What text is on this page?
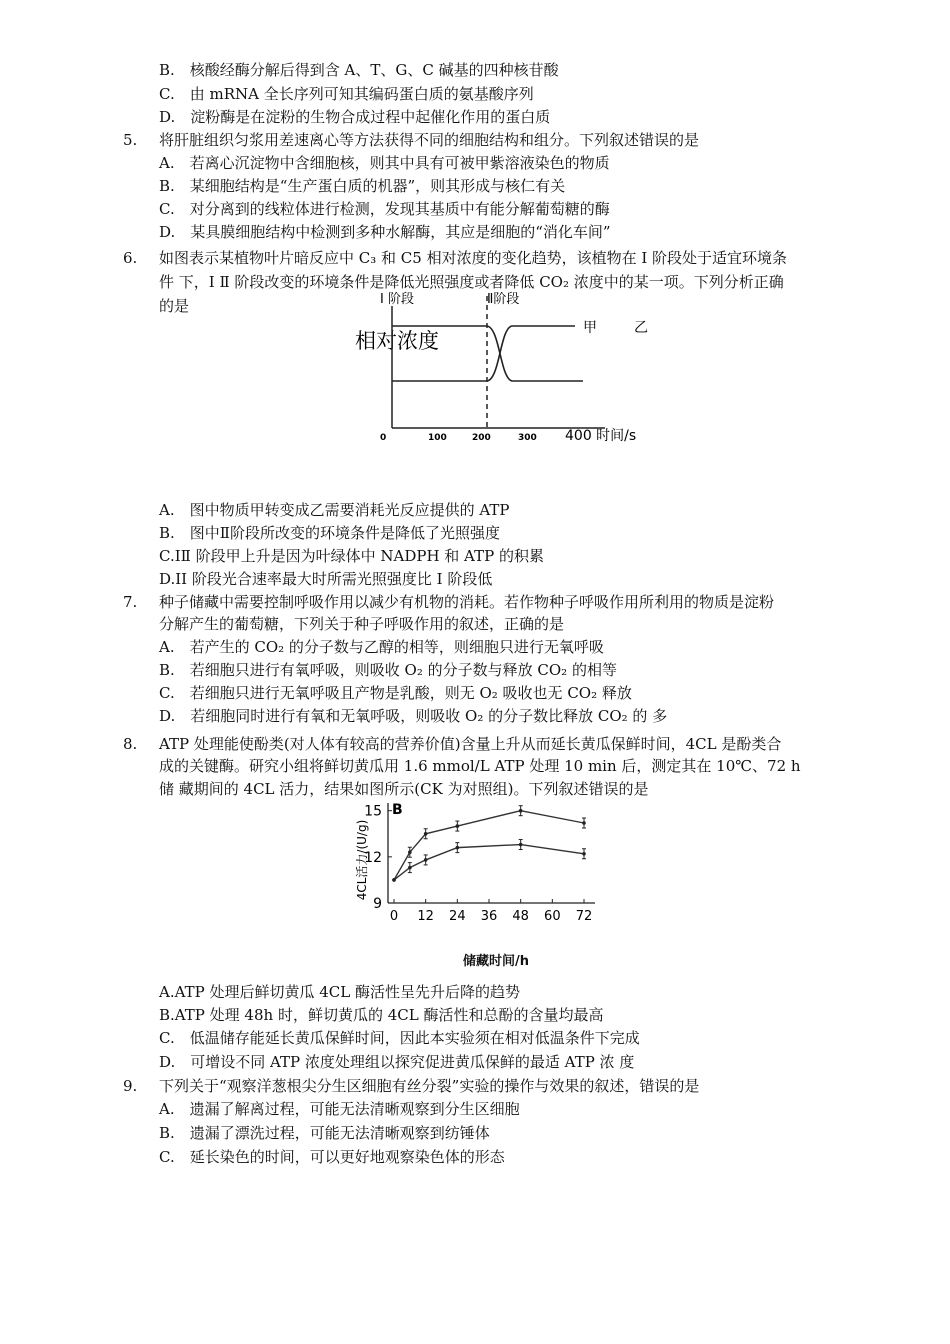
B.　核酸经酶分解后得到含 A、T、G、C 碱基的四种核苷酸
C.　由 mRNA 全长序列可知其编码蛋白质的氨基酸序列
D.　淀粉酶是在淀粉的生物合成过程中起催化作用的蛋白质
5. 将肝脏组织匀浆用差速离心等方法获得不同的细胞结构和组分。下列叙述错误的是
A.　若离心沉淀物中含细胞核，则其中具有可被甲紫溶液染色的物质
B.　某细胞结构是“生产蛋白质的机器”，则其形成与核仁有关
C.　对分离到的线粒体进行检测，发现其基质中有能分解葡萄糖的酶
D.　某具膜细胞结构中检测到多种水解酶，其应是细胞的“消化车间”
6. 如图表示某植物叶片暗反应中 C₃ 和 C5 相对浓度的变化趋势，该植物在 I 阶段处于适宜环境条
件 下，I Ⅱ 阶段改变的环境条件是降低光照强度或者降低 CO₂ 浓度中的某一项。下列分析正确
的是	I 阶段	Ⅱ阶段
相对浓度
甲	乙
0	100	200	300 400 时间/s
A.　图中物质甲转变成乙需要消耗光反应提供的 ATP
B.　图中Ⅱ阶段所改变的环境条件是降低了光照强度
C.IⅡ 阶段甲上升是因为叶绿体中 NADPH 和 ATP 的积累
D.II 阶段光合速率最大时所需光照强度比 I 阶段低
7. 种子储藏中需要控制呼吸作用以减少有机物的消耗。若作物种子呼吸作用所利用的物质是淀粉
分解产生的葡萄糖，下列关于种子呼吸作用的叙述，正确的是
A.　若产生的 CO₂ 的分子数与乙醇的相等，则细胞只进行无氧呼吸
B.　若细胞只进行有氧呼吸，则吸收 O₂ 的分子数与释放 CO₂ 的相等
C.　若细胞只进行无氧呼吸且产物是乳酸，则无 O₂ 吸收也无 CO₂ 释放
D.　若细胞同时进行有氧和无氧呼吸，则吸收 O₂ 的分子数比释放 CO₂ 的 多
8. ATP 处理能使酚类(对人体有较高的营养价值)含量上升从而延长黄瓜保鲜时间，4CL 是酚类合
成的关键酶。研究小组将鲜切黄瓜用 1.6 mmol/L ATP 处理 10 min 后，测定其在 10℃、72 h
储 藏期间的 4CL 活力，结果如图所示(CK 为对照组)。下列叙述错误的是
B
4CL活力/(U/g)
9
12
15
0 12 24 36 48 60 72
储藏时间/h
A.ATP 处理后鲜切黄瓜 4CL 酶活性呈先升后降的趋势
B.ATP 处理 48h 时，鲜切黄瓜的 4CL 酶活性和总酚的含量均最高
C.　低温储存能延长黄瓜保鲜时间，因此本实验须在相对低温条件下完成
D.　可增设不同 ATP 浓度处理组以探究促进黄瓜保鲜的最适 ATP 浓 度
9. 下列关于“观察洋葱根尖分生区细胞有丝分裂”实验的操作与效果的叙述，错误的是
A.　遗漏了解离过程，可能无法清晰观察到分生区细胞
B.　遗漏了漂洗过程，可能无法清晰观察到纺锤体
C.　延长染色的时间，可以更好地观察染色体的形态
